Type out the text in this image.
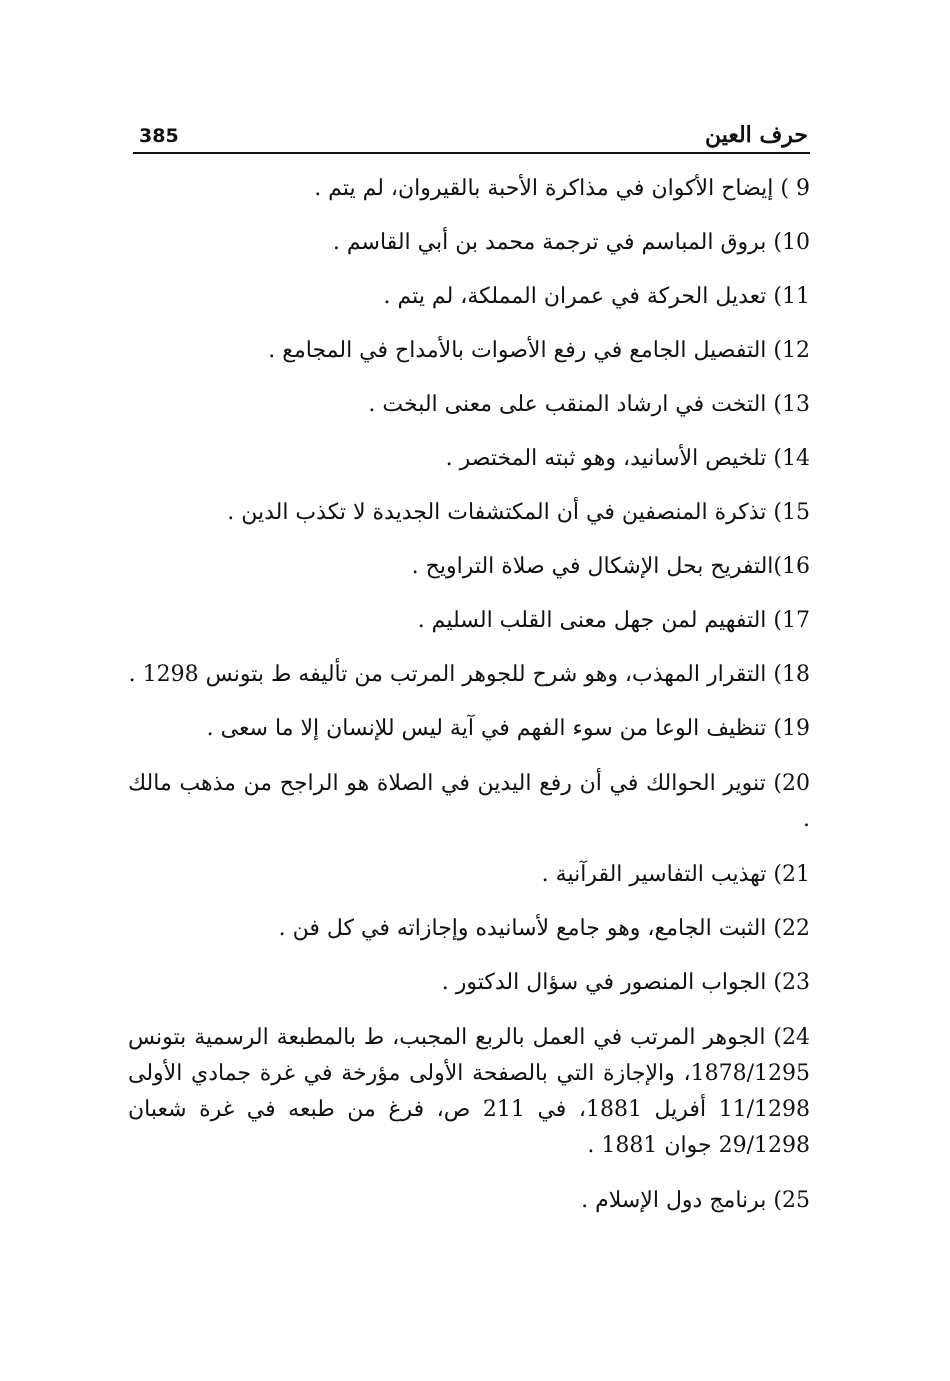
385	حرف العين
9 ) إيضاح الأكوان في مذاكرة الأحبة بالقيروان، لم يتم .
10) بروق المباسم في ترجمة محمد بن أبي القاسم .
11) تعديل الحركة في عمران المملكة، لم يتم .
12) التفصيل الجامع في رفع الأصوات بالأمداح في المجامع .
13) التخت في ارشاد المنقب على معنى البخت .
14) تلخيص الأسانيد، وهو ثبته المختصر .
15) تذكرة المنصفين في أن المكتشفات الجديدة لا تكذب الدين .
16)التفريح بحل الإشكال في صلاة التراويح .
17) التفهيم لمن جهل معنى القلب السليم .
18) التقرار المهذب، وهو شرح للجوهر المرتب من تأليفه ط بتونس 1298 .
19) تنظيف الوعا من سوء الفهم في آية ليس للإنسان إلا ما سعى .
20) تنوير الحوالك في أن رفع اليدين في الصلاة هو الراجح من مذهب مالك .
21) تهذيب التفاسير القرآنية .
22) الثبت الجامع، وهو جامع لأسانيده وإجازاته في كل فن .
23) الجواب المنصور في سؤال الدكتور .
24) الجوهر المرتب في العمل بالربع المجبب، ط بالمطبعة الرسمية بتونس 1878/1295، والإجازة التي بالصفحة الأولى مؤرخة في غرة جمادي الأولى 11/1298 أفريل 1881، في 211 ص، فرغ من طبعه في غرة شعبان 29/1298 جوان 1881 .
25) برنامج دول الإسلام .
